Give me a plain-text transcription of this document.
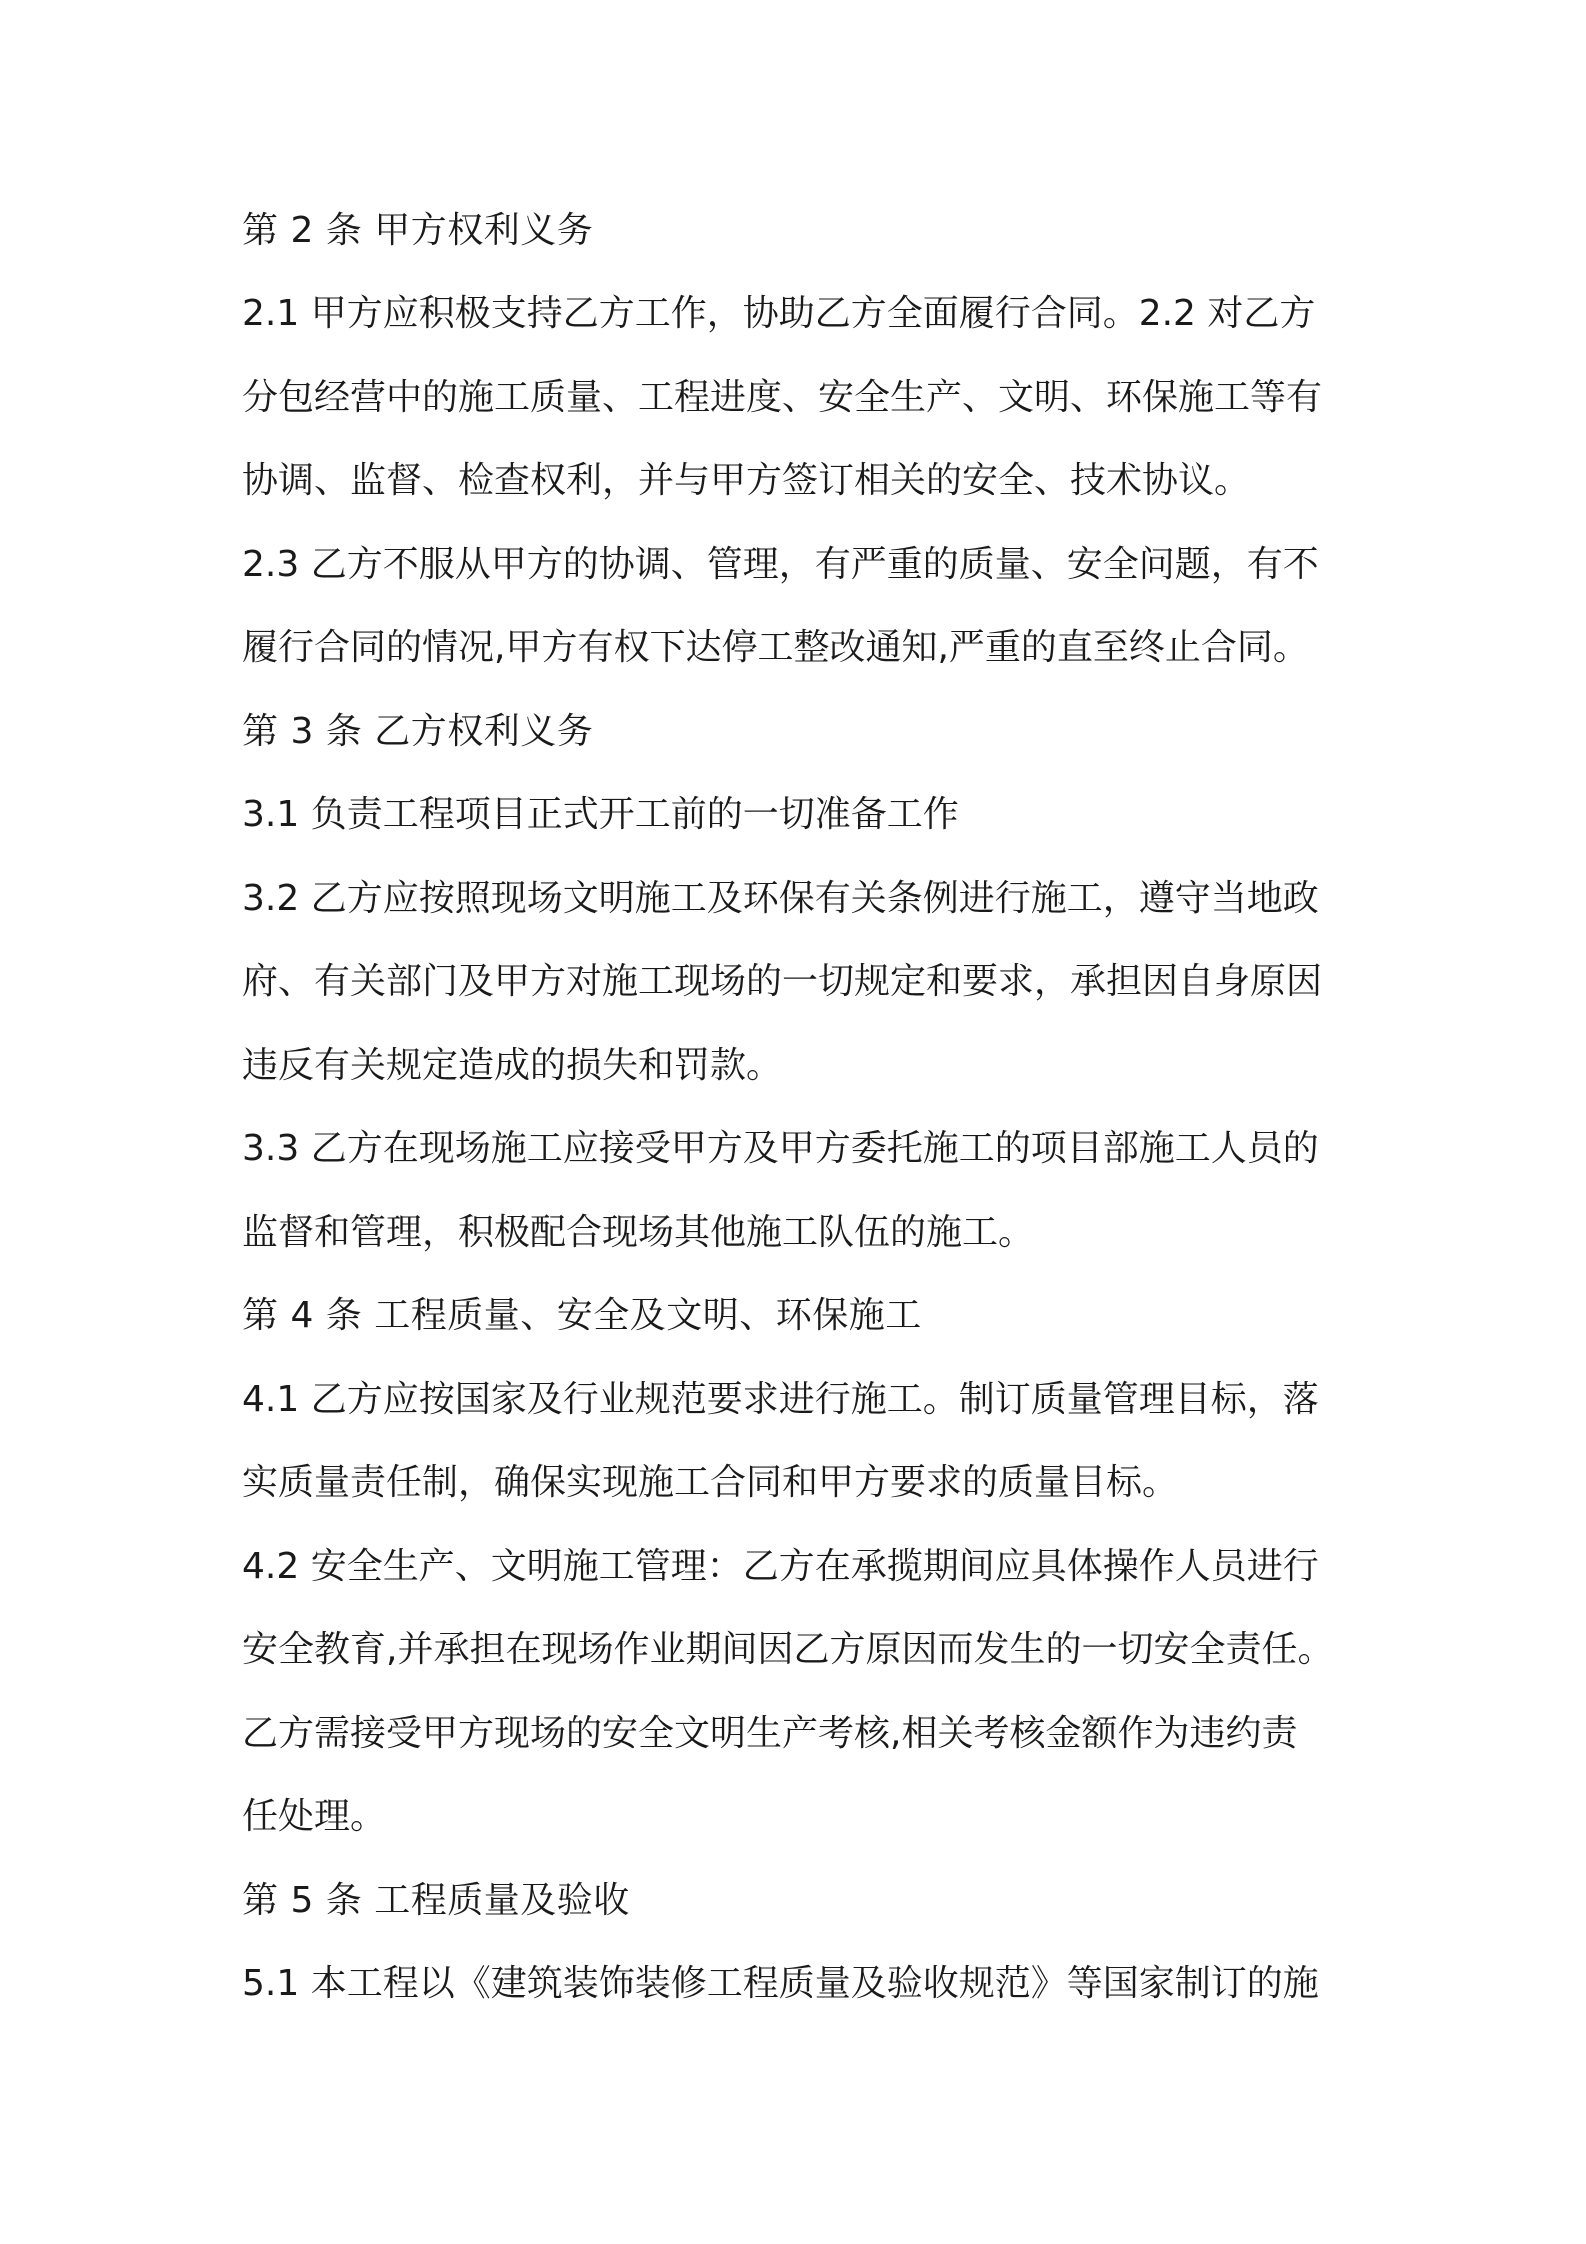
第 2 条 甲方权利义务
2.1 甲方应积极支持乙方工作，协助乙方全面履行合同。2.2 对乙方
分包经营中的施工质量、工程进度、安全生产、文明、环保施工等有
协调、监督、检查权利，并与甲方签订相关的安全、技术协议。
2.3 乙方不服从甲方的协调、管理，有严重的质量、安全问题，有不
履行合同的情况,甲方有权下达停工整改通知,严重的直至终止合同。
第 3 条 乙方权利义务
3.1 负责工程项目正式开工前的一切准备工作
3.2 乙方应按照现场文明施工及环保有关条例进行施工，遵守当地政
府、有关部门及甲方对施工现场的一切规定和要求，承担因自身原因
违反有关规定造成的损失和罚款。
3.3 乙方在现场施工应接受甲方及甲方委托施工的项目部施工人员的
监督和管理，积极配合现场其他施工队伍的施工。
第 4 条 工程质量、安全及文明、环保施工
4.1 乙方应按国家及行业规范要求进行施工。制订质量管理目标，落
实质量责任制，确保实现施工合同和甲方要求的质量目标。
4.2 安全生产、文明施工管理：乙方在承揽期间应具体操作人员进行
安全教育,并承担在现场作业期间因乙方原因而发生的一切安全责任。
乙方需接受甲方现场的安全文明生产考核,相关考核金额作为违约责
任处理。
第 5 条 工程质量及验收
5.1 本工程以《建筑装饰装修工程质量及验收规范》等国家制订的施
